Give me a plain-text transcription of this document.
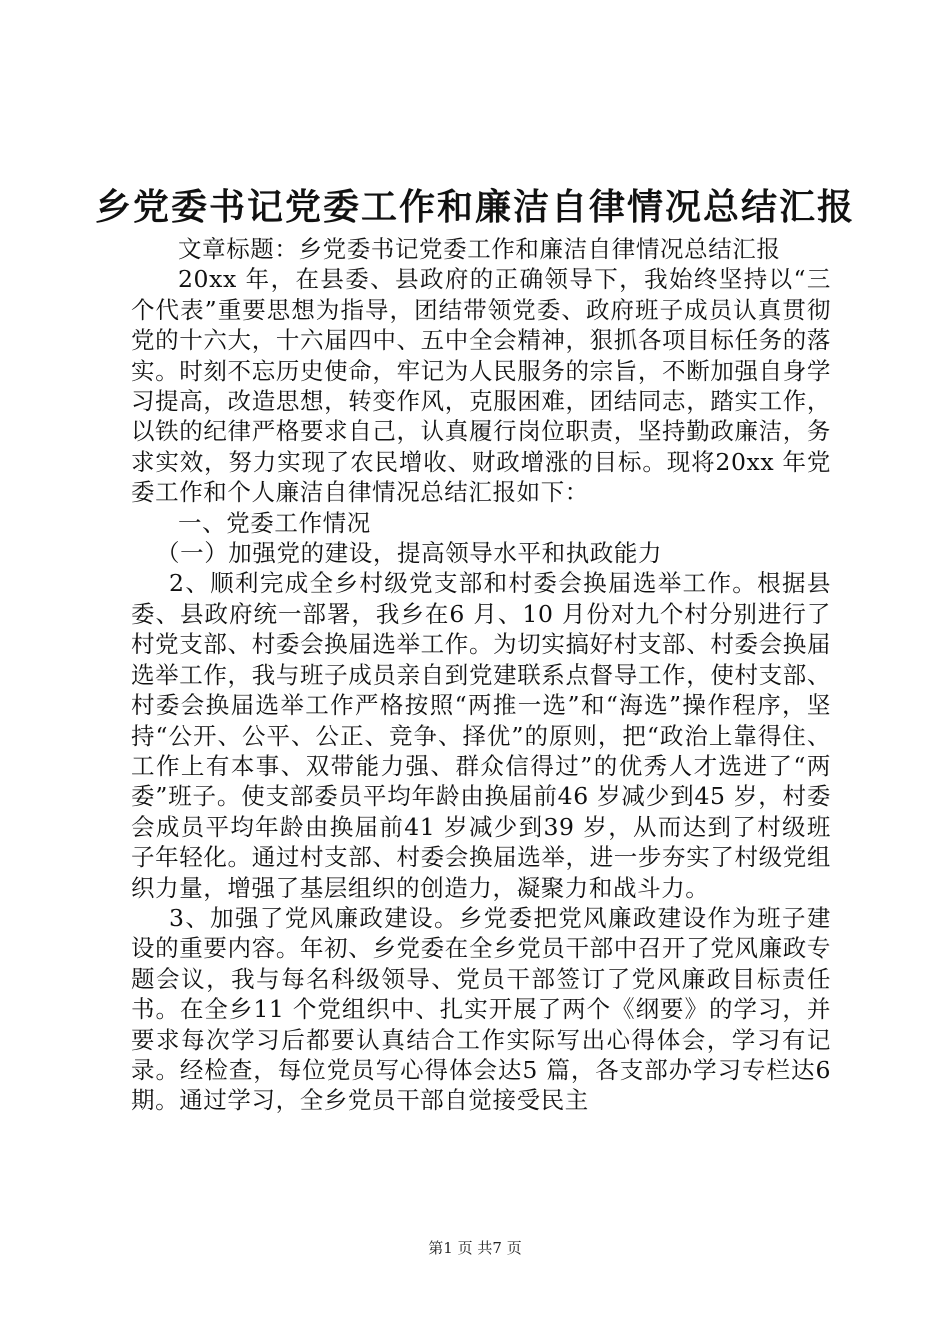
乡党委书记党委工作和廉洁自律情况总结汇报

文章标题：乡党委书记党委工作和廉洁自律情况总结汇报

20xx 年，在县委、县政府的正确领导下，我始终坚持以“三个代表”重要思想为指导，团结带领党委、政府班子成员认真贯彻党的十六大，十六届四中、五中全会精神，狠抓各项目标任务的落实。时刻不忘历史使命，牢记为人民服务的宗旨，不断加强自身学习提高，改造思想，转变作风，克服困难，团结同志，踏实工作，以铁的纪律严格要求自己，认真履行岗位职责，坚持勤政廉洁，务求实效，努力实现了农民增收、财政增涨的目标。现将20xx 年党委工作和个人廉洁自律情况总结汇报如下：

一、党委工作情况

（一）加强党的建设，提高领导水平和执政能力

2、顺利完成全乡村级党支部和村委会换届选举工作。根据县委、县政府统一部署，我乡在6 月、10 月份对九个村分别进行了村党支部、村委会换届选举工作。为切实搞好村支部、村委会换届选举工作，我与班子成员亲自到党建联系点督导工作，使村支部、村委会换届选举工作严格按照“两推一选”和“海选”操作程序，坚持“公开、公平、公正、竞争、择优”的原则，把“政治上靠得住、工作上有本事、双带能力强、群众信得过”的优秀人才选进了“两委”班子。使支部委员平均年龄由换届前46 岁减少到45 岁，村委会成员平均年龄由换届前41 岁减少到39 岁，从而达到了村级班子年轻化。通过村支部、村委会换届选举，进一步夯实了村级党组织力量，增强了基层组织的创造力，凝聚力和战斗力。

3、加强了党风廉政建设。乡党委把党风廉政建设作为班子建设的重要内容。年初、乡党委在全乡党员干部中召开了党风廉政专题会议，我与每名科级领导、党员干部签订了党风廉政目标责任书。在全乡11 个党组织中、扎实开展了两个《纲要》的学习，并要求每次学习后都要认真结合工作实际写出心得体会，学习有记录。经检查，每位党员写心得体会达5 篇，各支部办学习专栏达6 期。通过学习，全乡党员干部自觉接受民主

第1 页 共7 页
